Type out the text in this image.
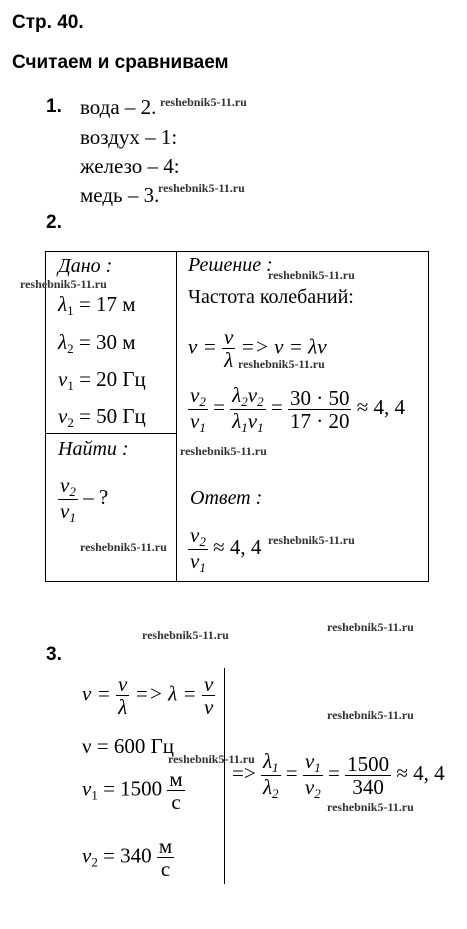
Стр. 40.
Считаем и сравниваем
1. вода – 2.
воздух – 1:
железо – 4:
медь – 3.
reshebnik5-11.ru
reshebnik5-11.ru
2.
Дано :
$\lambda_1 = 17$ м
$\lambda_2 = 30$ м
$\nu_1 = 20$ Гц
$\nu_2 = 50$ Гц
reshebnik5-11.ru
Найти :
$\frac{\nu_2}{\nu_1}$ – ?
Решение :
reshebnik5-11.ru
Частота колебаний:
$\nu = \frac{v}{\lambda} => \nu = \lambda\nu$
reshebnik5-11.ru
$\frac{\nu_2}{\nu_1} = \frac{\lambda_2\nu_2}{\lambda_1\nu_1} = \frac{30 \cdot 50}{17 \cdot 20} \approx 4$, 4
reshebnik5-11.ru
Ответ :
$\frac{\nu_2}{\nu_1} \approx 4$, 4
reshebnik5-11.ru	reshebnik5-11.ru
reshebnik5-11.ru
reshebnik5-11.ru
3.
$\nu = \frac{v}{\lambda} => \lambda = \frac{v}{\nu}$
ν = 600 Гц
$v_1 = 1500 \frac{м}{с}$
$v_2 = 340 \frac{м}{с}$
=> $\frac{\lambda_1}{\lambda_2} = \frac{v_1}{v_2} = \frac{1500}{340} \approx 4$, 4
reshebnik5-11.ru
reshebnik5-11.ru
reshebnik5-11.ru
